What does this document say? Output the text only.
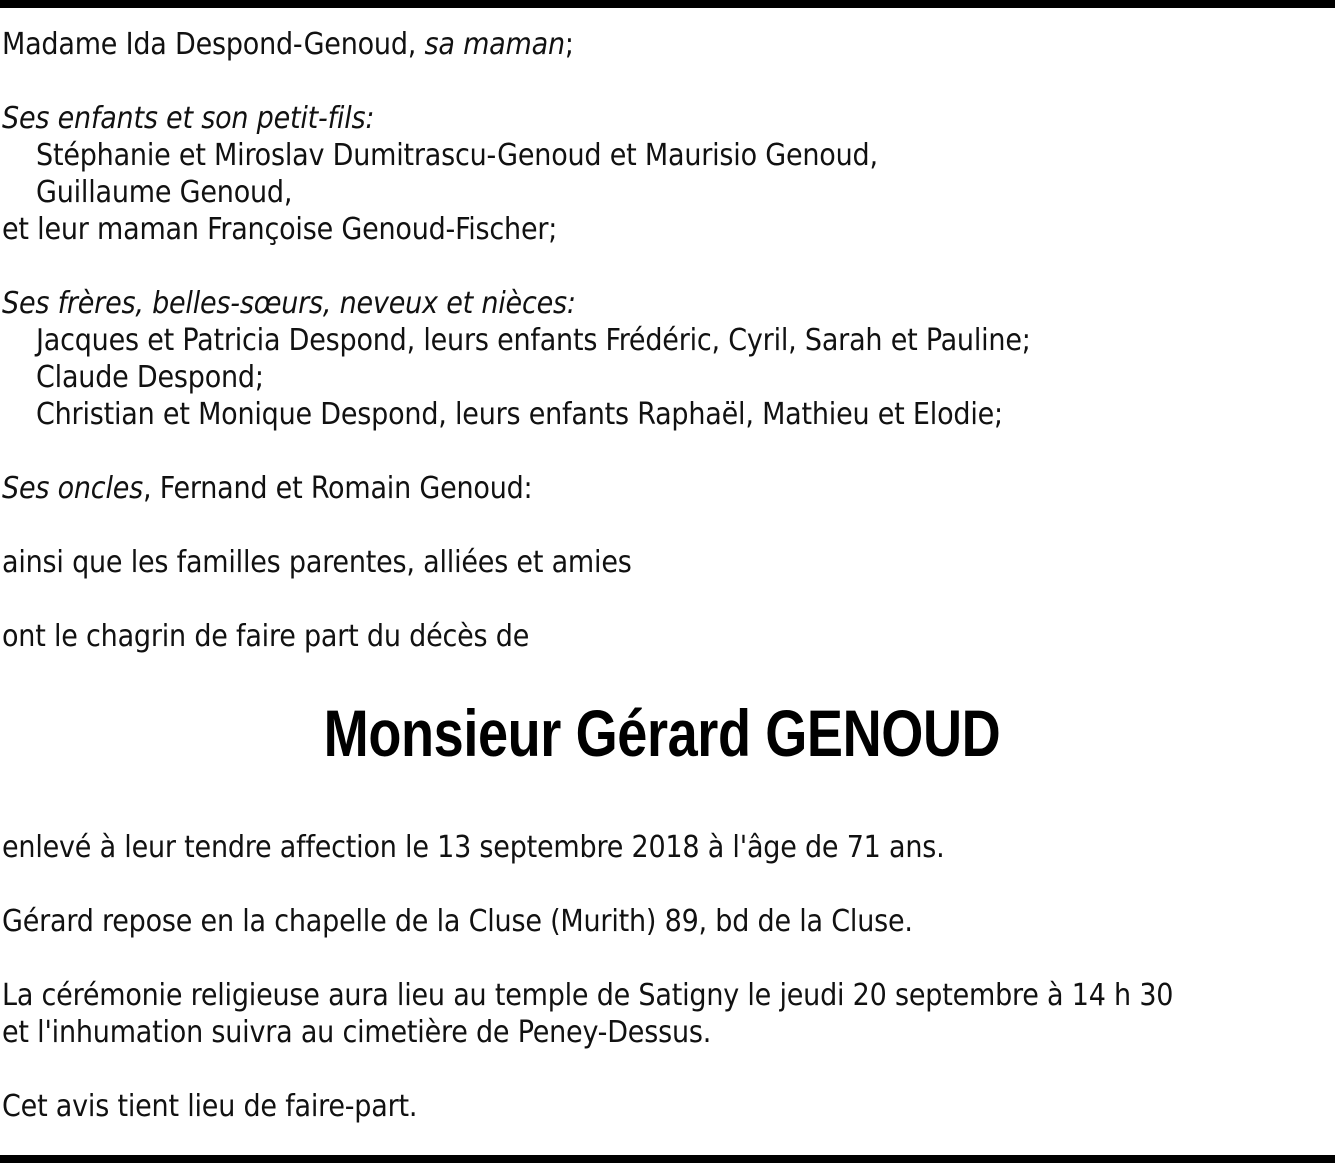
Madame Ida Despond-Genoud, sa maman;
Ses enfants et son petit-fils:
Stéphanie et Miroslav Dumitrascu-Genoud et Maurisio Genoud,
Guillaume Genoud,
et leur maman Françoise Genoud-Fischer;
Ses frères, belles-sœurs, neveux et nièces:
Jacques et Patricia Despond, leurs enfants Frédéric, Cyril, Sarah et Pauline;
Claude Despond;
Christian et Monique Despond, leurs enfants Raphaël, Mathieu et Elodie;
Ses oncles, Fernand et Romain Genoud:
ainsi que les familles parentes, alliées et amies
ont le chagrin de faire part du décès de
Monsieur Gérard GENOUD
enlevé à leur tendre affection le 13 septembre 2018 à l'âge de 71 ans.
Gérard repose en la chapelle de la Cluse (Murith) 89, bd de la Cluse.
La cérémonie religieuse aura lieu au temple de Satigny le jeudi 20 septembre à 14 h 30
et l'inhumation suivra au cimetière de Peney-Dessus.
Cet avis tient lieu de faire-part.
